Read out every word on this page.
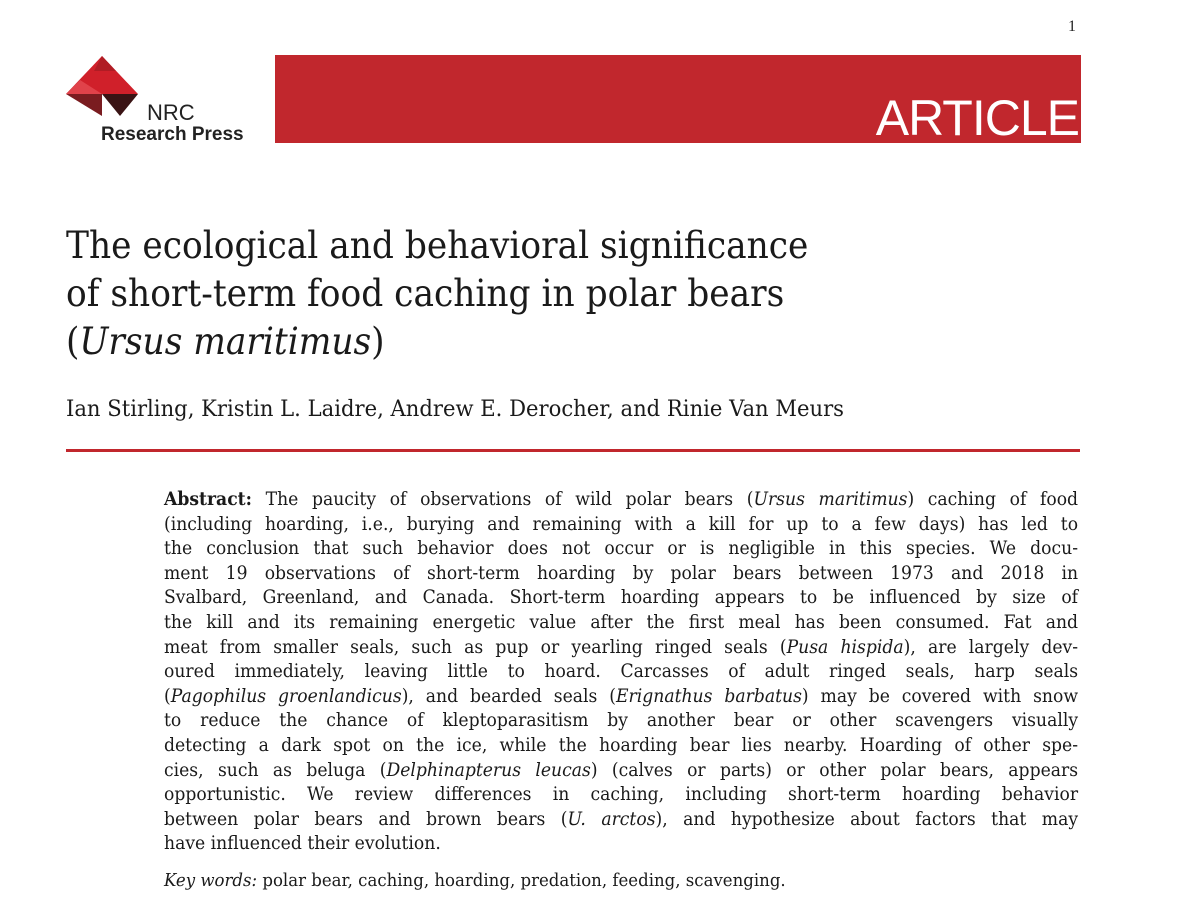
1
NRC
Research Press	ARTICLE
The ecological and behavioral significance
of short-term food caching in polar bears
(Ursus maritimus)
Ian Stirling, Kristin L. Laidre, Andrew E. Derocher, and Rinie Van Meurs
Abstract: The paucity of observations of wild polar bears (Ursus maritimus) caching of food
(including hoarding, i.e., burying and remaining with a kill for up to a few days) has led to
the conclusion that such behavior does not occur or is negligible in this species. We docu-
ment 19 observations of short-term hoarding by polar bears between 1973 and 2018 in
Svalbard, Greenland, and Canada. Short-term hoarding appears to be influenced by size of
the kill and its remaining energetic value after the first meal has been consumed. Fat and
meat from smaller seals, such as pup or yearling ringed seals (Pusa hispida), are largely dev-
oured immediately, leaving little to hoard. Carcasses of adult ringed seals, harp seals
(Pagophilus groenlandicus), and bearded seals (Erignathus barbatus) may be covered with snow
to reduce the chance of kleptoparasitism by another bear or other scavengers visually
detecting a dark spot on the ice, while the hoarding bear lies nearby. Hoarding of other spe-
cies, such as beluga (Delphinapterus leucas) (calves or parts) or other polar bears, appears
opportunistic. We review differences in caching, including short-term hoarding behavior
between polar bears and brown bears (U. arctos), and hypothesize about factors that may
have influenced their evolution.
Key words: polar bear, caching, hoarding, predation, feeding, scavenging.
